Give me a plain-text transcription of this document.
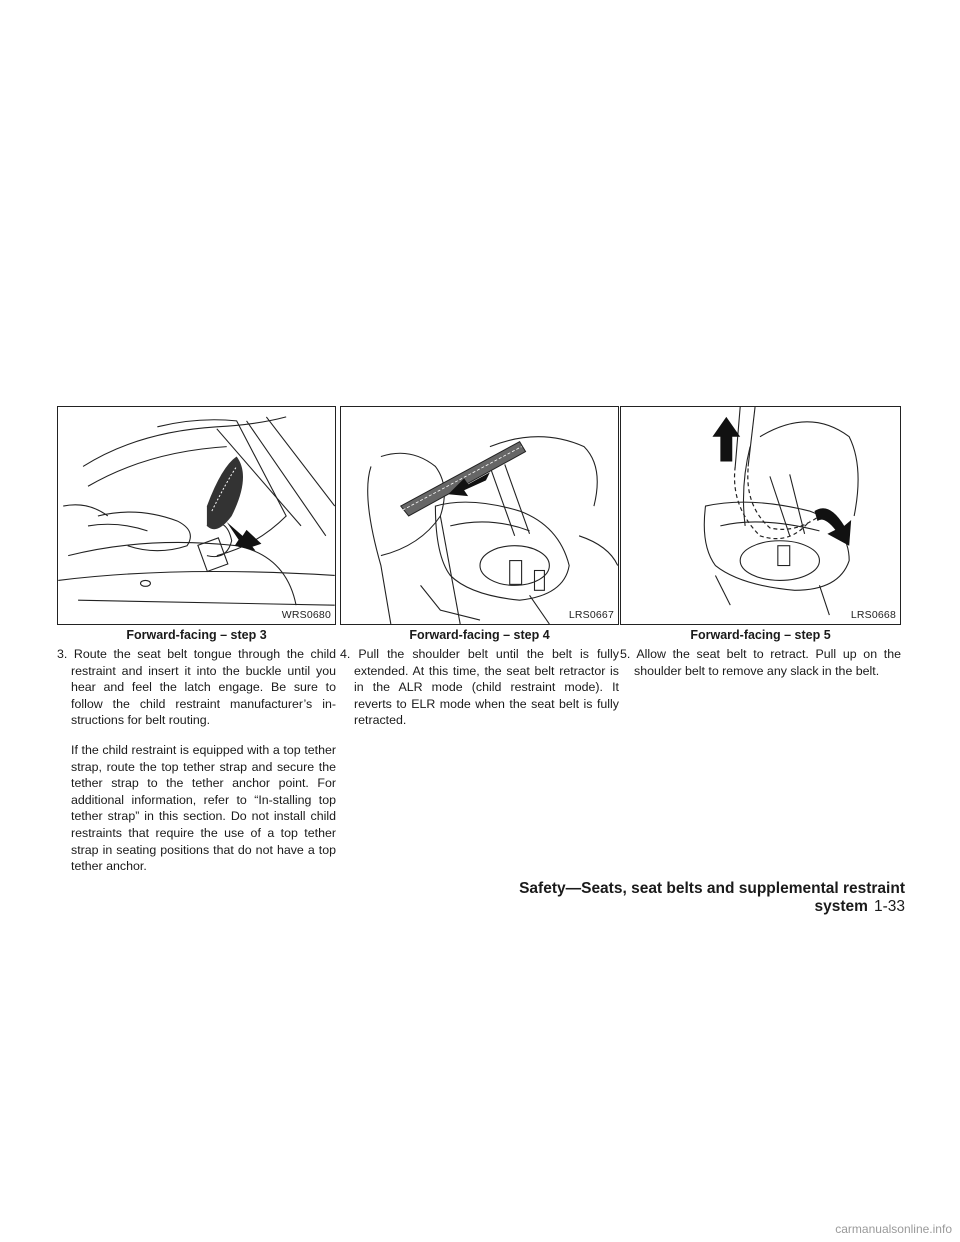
WRS0680
Forward-facing – step 3

3. Route the seat belt tongue through the child restraint and insert it into the buckle until you hear and feel the latch engage. Be sure to follow the child restraint manufacturer’s in-structions for belt routing.

If the child restraint is equipped with a top tether strap, route the top tether strap and secure the tether strap to the tether anchor point. For additional information, refer to “In-stalling top tether strap” in this section. Do not install child restraints that require the use of a top tether strap in seating positions that do not have a top tether anchor.

LRS0667
Forward-facing – step 4

4. Pull the shoulder belt until the belt is fully extended. At this time, the seat belt retractor is in the ALR mode (child restraint mode). It reverts to ELR mode when the seat belt is fully retracted.

LRS0668
Forward-facing – step 5

5. Allow the seat belt to retract. Pull up on the shoulder belt to remove any slack in the belt.

Safety—Seats, seat belts and supplemental restraint system 1-33
carmanualsonline.info
